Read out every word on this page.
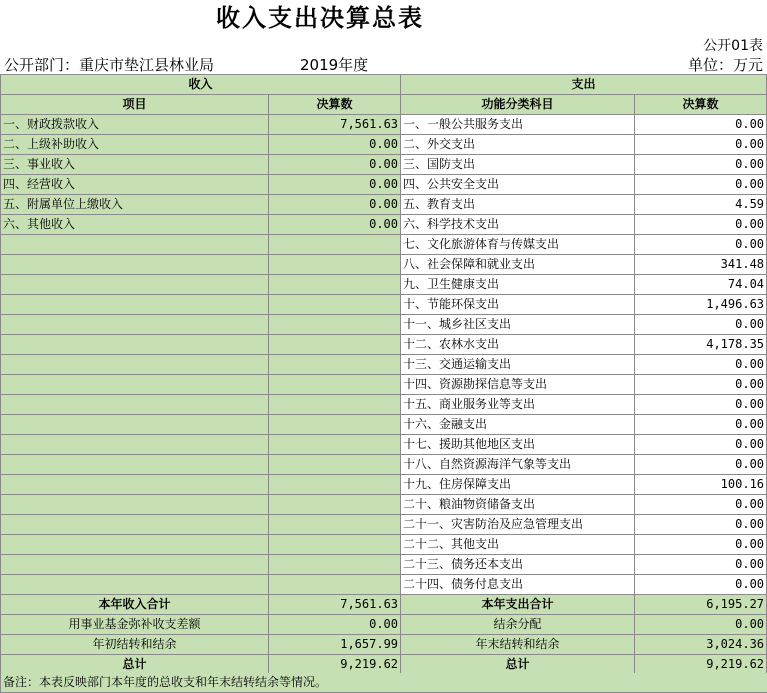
收入支出决算总表
公开01表
公开部门：重庆市垫江县林业局	2019年度	单位：万元
收入		支出	
项目	决算数	功能分类科目	决算数
一、财政拨款收入	7,561.63	一、一般公共服务支出	0.00
二、上级补助收入	0.00	二、外交支出	0.00
三、事业收入	0.00	三、国防支出	0.00
四、经营收入	0.00	四、公共安全支出	0.00
五、附属单位上缴收入	0.00	五、教育支出	4.59
六、其他收入	0.00	六、科学技术支出	0.00
		七、文化旅游体育与传媒支出	0.00
		八、社会保障和就业支出	341.48
		九、卫生健康支出	74.04
		十、节能环保支出	1,496.63
		十一、城乡社区支出	0.00
		十二、农林水支出	4,178.35
		十三、交通运输支出	0.00
		十四、资源勘探信息等支出	0.00
		十五、商业服务业等支出	0.00
		十六、金融支出	0.00
		十七、援助其他地区支出	0.00
		十八、自然资源海洋气象等支出	0.00
		十九、住房保障支出	100.16
		二十、粮油物资储备支出	0.00
		二十一、灾害防治及应急管理支出	0.00
		二十二、其他支出	0.00
		二十三、债务还本支出	0.00
		二十四、债务付息支出	0.00
本年收入合计	7,561.63	本年支出合计	6,195.27
用事业基金弥补收支差额	0.00	结余分配	0.00
年初结转和结余	1,657.99	年末结转和结余	3,024.36
总计	9,219.62	总计	9,219.62
备注：本表反映部门本年度的总收支和年末结转结余等情况。
